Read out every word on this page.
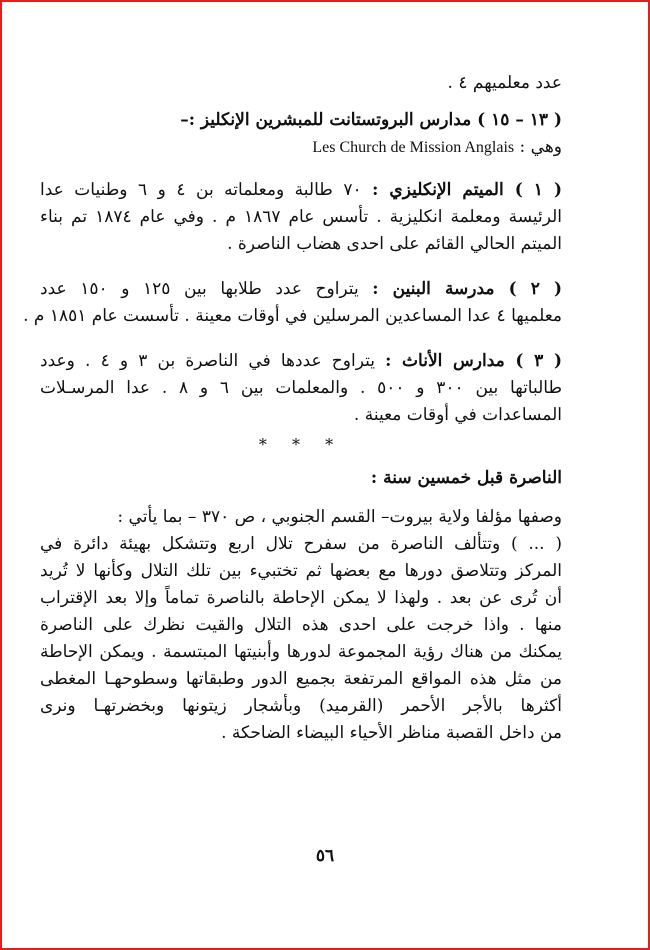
عدد معلميهم ٤ .
( ١٣ – ١٥ ) مدارس البروتستانت للمبشرين الإنكليز :–
وهي : Les Church de Mission Anglais
( ١ ) الميتم الإنكليزي : ٧٠ طالبة ومعلماته بن ٤ و ٦ وطنيات عدا
الرئيسة ومعلمة انكليزية . تأسس عام ١٨٦٧ م . وفي عام ١٨٧٤ تم بناء
الميتم الحالي القائم على احدى هضاب الناصرة .
( ٢ ) مدرسة البنين : يتراوح عدد طلابها بين ١٢٥ و ١٥٠ عدد
معلميها ٤ عدا المساعدين المرسلين في أوقات معينة . تأسست عام ١٨٥١ م .
( ٣ ) مدارس الأناث : يتراوح عددها في الناصرة بن ٣ و ٤ . وعدد
طالباتها بين ٣٠٠ و ٥٠٠ . والمعلمات بين ٦ و ٨ . عدا المرسـلات
المساعدات في أوقات معينة .
* * *
الناصرة قبل خمسين سنة :
وصفها مؤلفا ولاية بيروت– القسم الجنوبي ، ص ٣٧٠ – بما يأتي :
( ... ) وتتألف الناصرة من سفرح تلال اربع وتتشكل بهيئة دائرة في
المركز وتتلاصق دورها مع بعضها ثم تختبيء بين تلك التلال وكأنها لا تُريد
أن تُرى عن بعد . ولهذا لا يمكن الإحاطة بالناصرة تماماً وإلا بعد الإقتراب
منها . واذا خرجت على احدى هذه التلال والقيت نظرك على الناصرة
يمكنك من هناك رؤية المجموعة لدورها وأبنيتها المبتسمة . ويمكن الإحاطة
من مثل هذه المواقع المرتفعة بجميع الدور وطبقاتها وسطوحهـا المغطى
أكثرها بالأجر الأحمر (القرميد) وبأشجار زيتونها وبخضرتهـا ونرى
من داخل القصبة مناظر الأحياء البيضاء الضاحكة .
٥٦
